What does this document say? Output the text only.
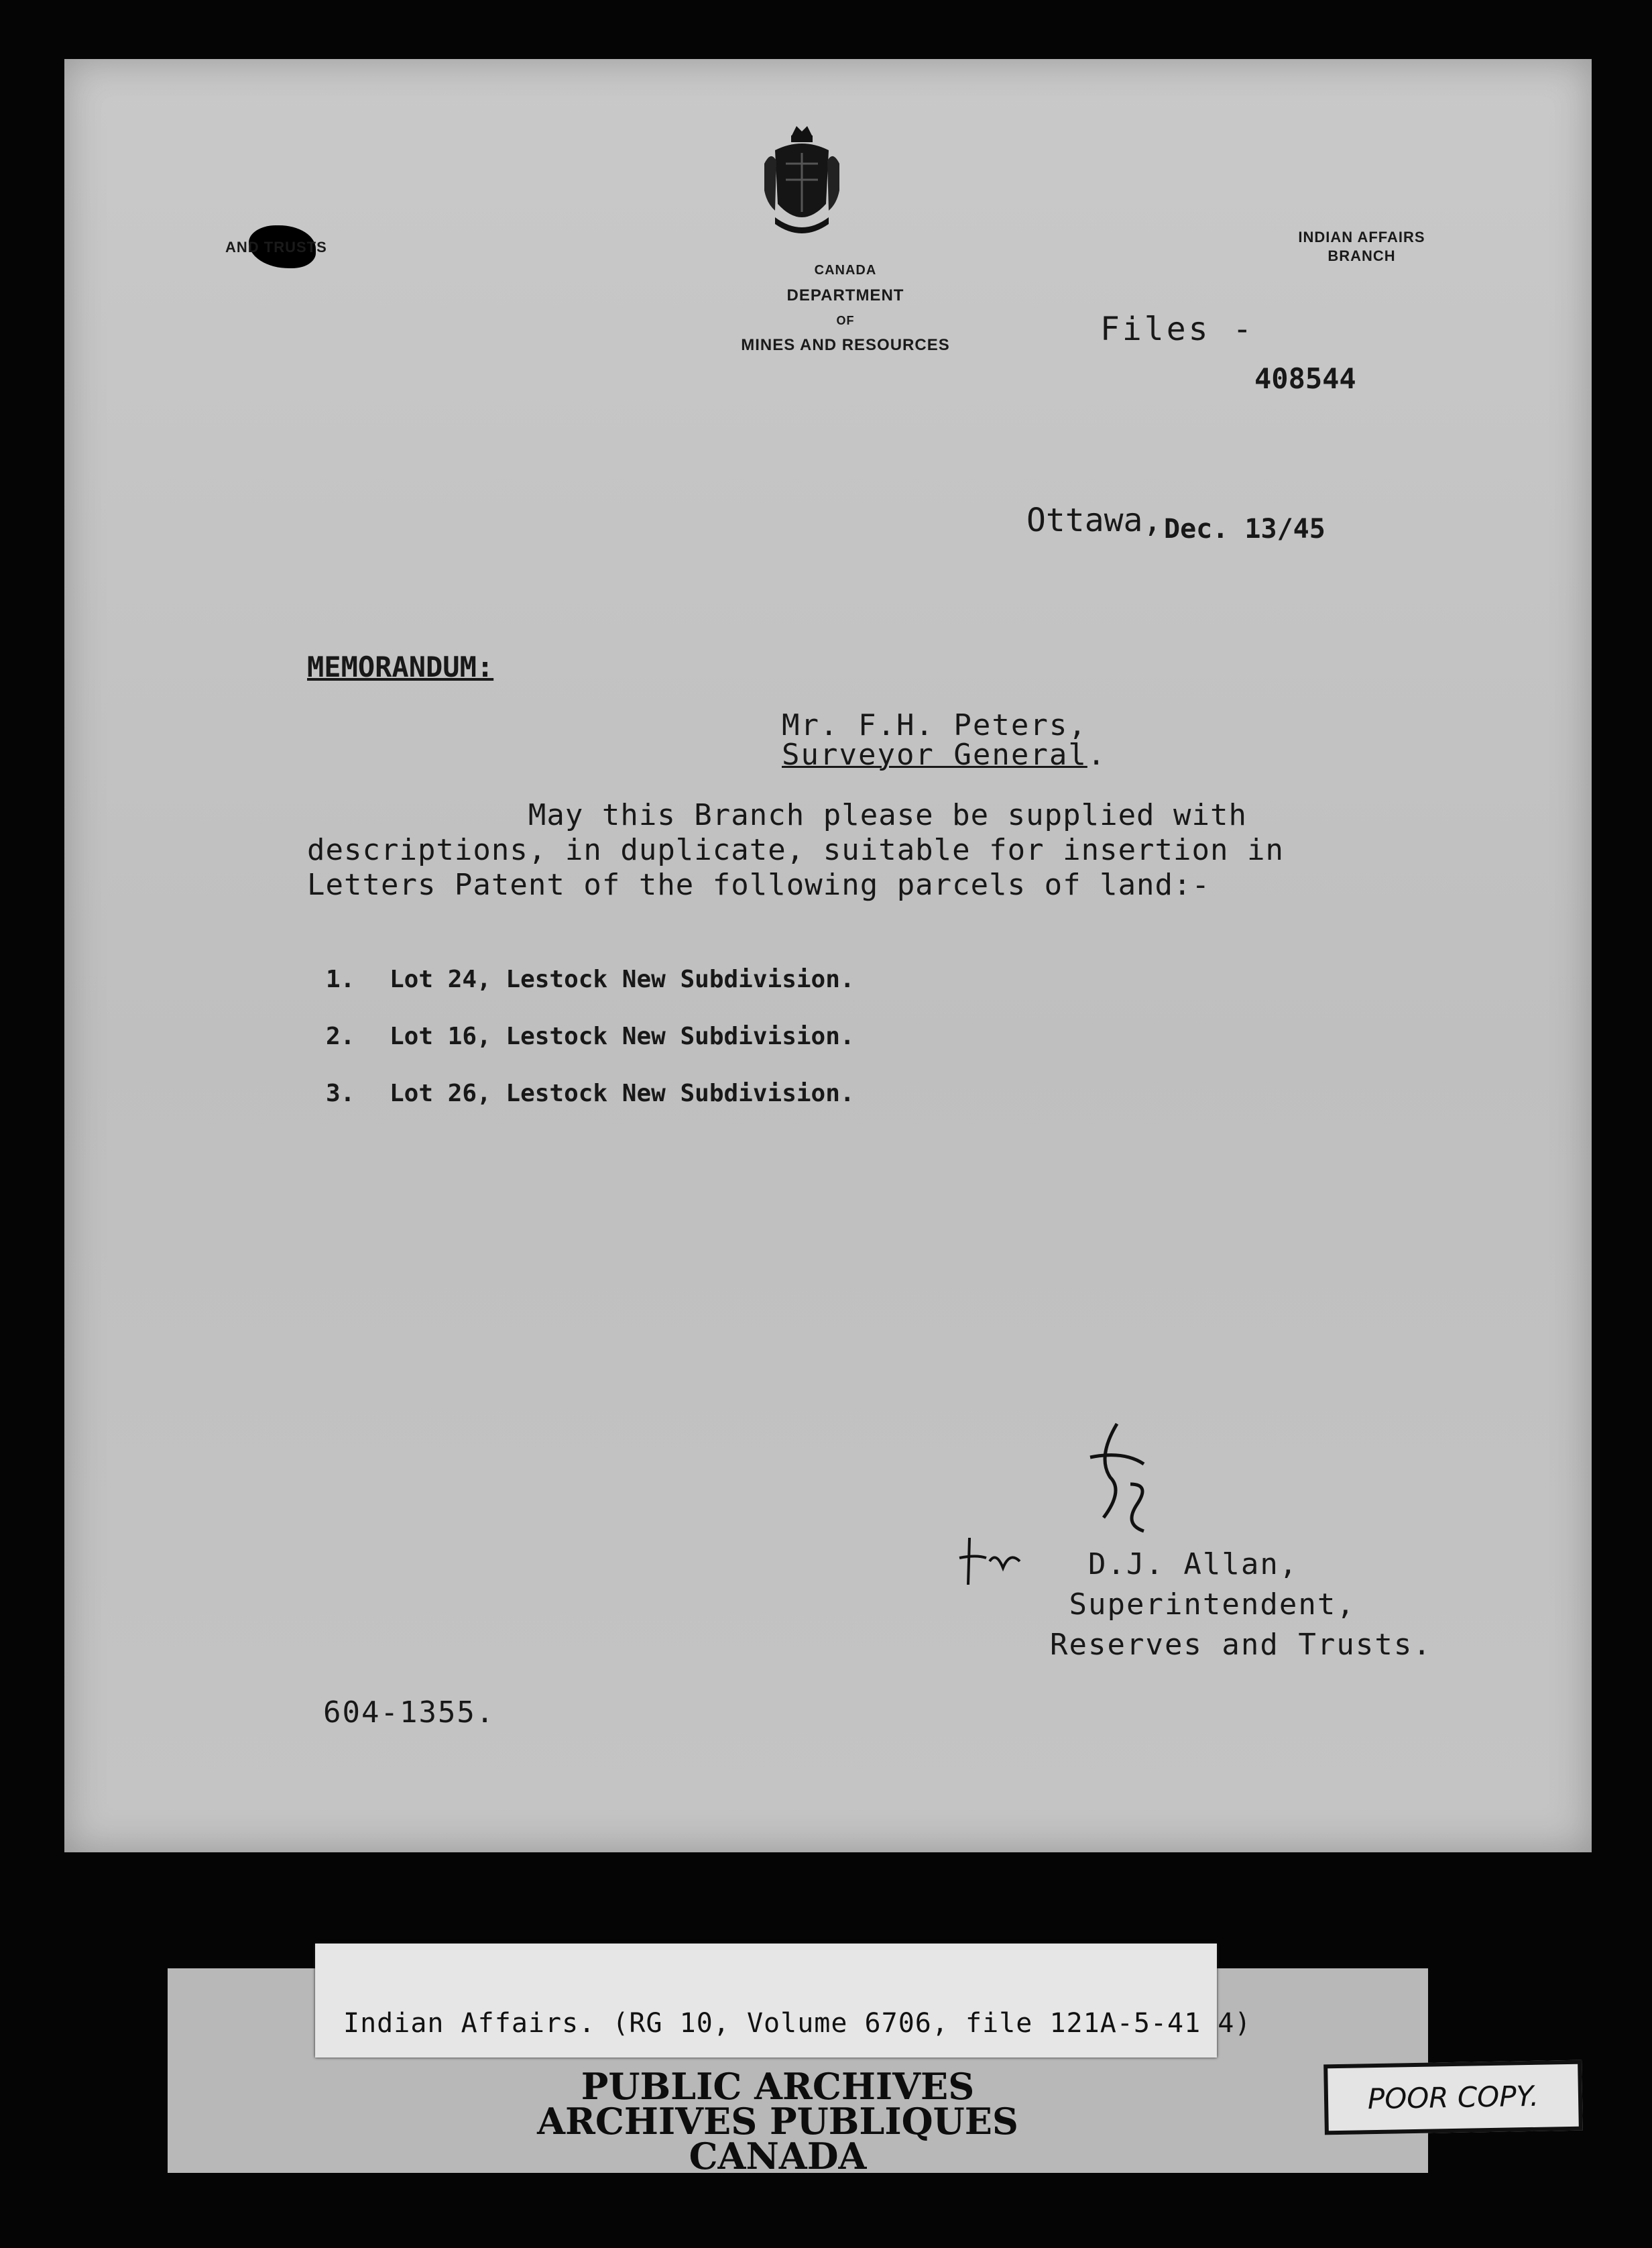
AND TRUSTS
CANADA
DEPARTMENT
OF
MINES AND RESOURCES
INDIAN AFFAIRS
BRANCH
Files -
408544
Ottawa, Dec. 13/45
MEMORANDUM:
Mr. F.H. Peters,
Surveyor General.
May this Branch please be supplied with
descriptions, in duplicate, suitable for insertion in
Letters Patent of the following parcels of land:-
1. Lot 24, Lestock New Subdivision.
2. Lot 16, Lestock New Subdivision.
3. Lot 26, Lestock New Subdivision.
D.J. Allan,
Superintendent,
Reserves and Trusts.
604-1355.
Indian Affairs. (RG 10, Volume 6706, file 121A-5-41 4)
PUBLIC ARCHIVES
ARCHIVES PUBLIQUES
CANADA
POOR COPY.
